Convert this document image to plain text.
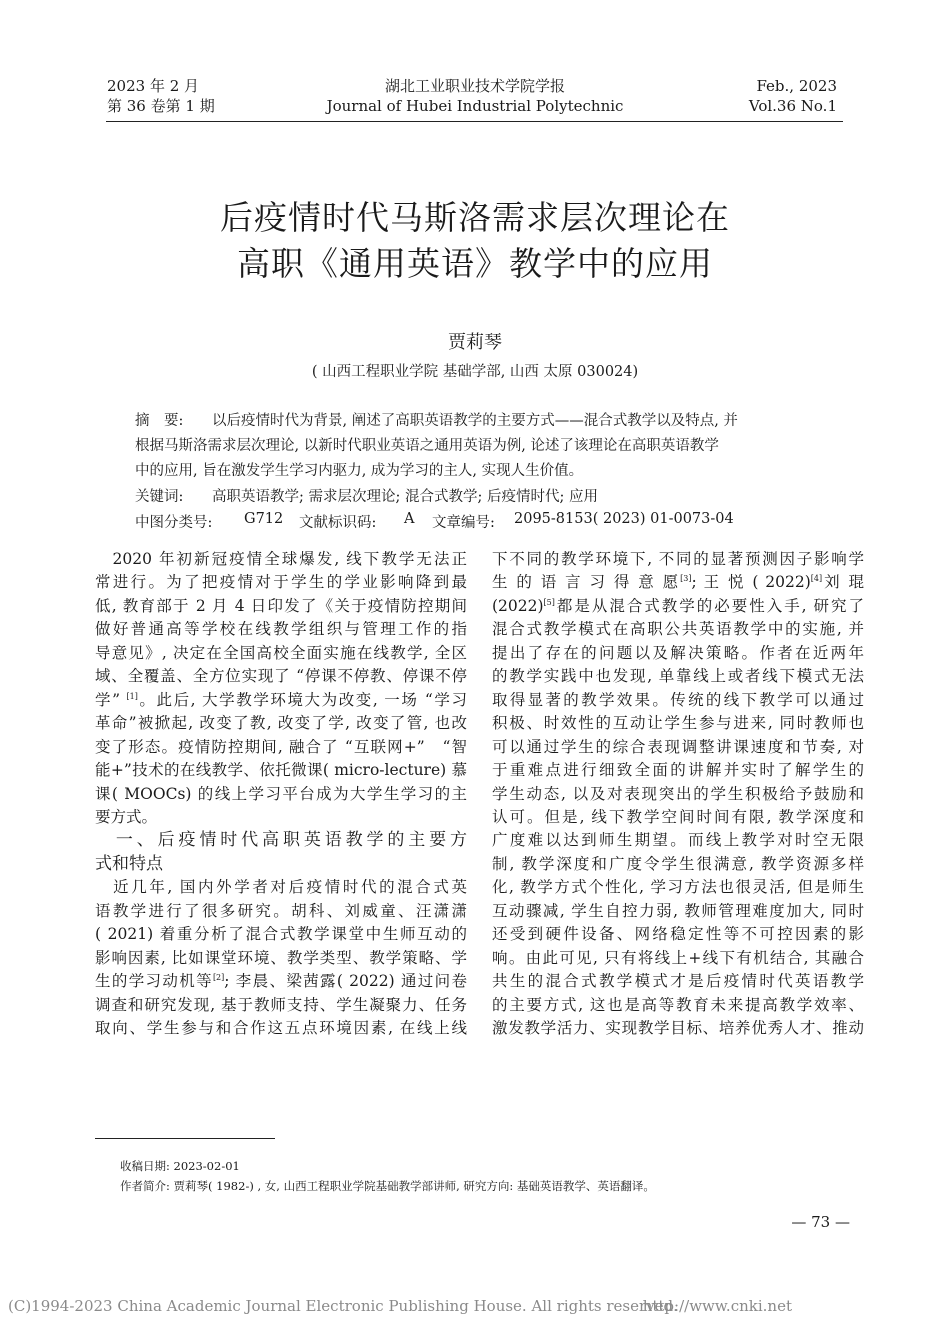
2023 年 2 月
第 36 卷第 1 期
湖北工业职业技术学院学报
Journal of Hubei Industrial Polytechnic
Feb., 2023
Vol.36 No.1
后疫情时代马斯洛需求层次理论在
高职《通用英语》教学中的应用
贾莉琴
( 山西工程职业学院 基础学部, 山西 太原 030024)
摘　要: 以后疫情时代为背景, 阐述了高职英语教学的主要方式——混合式教学以及特点, 并
根据马斯洛需求层次理论, 以新时代职业英语之通用英语为例, 论述了该理论在高职英语教学
中的应用, 旨在激发学生学习内驱力, 成为学习的主人, 实现人生价值。
关键词: 高职英语教学; 需求层次理论; 混合式教学; 后疫情时代; 应用
中图分类号: G712 文献标识码: A 文章编号: 2095-8153( 2023) 01-0073-04
　2020 年初新冠疫情全球爆发, 线下教学无法正
常进行。为了把疫情对于学生的学业影响降到最
低, 教育部于 2 月 4 日印发了《关于疫情防控期间
做好普通高等学校在线教学组织与管理工作的指
导意见》, 决定在全国高校全面实施在线教学, 全区
域、全覆盖、全方位实现了 “停课不停教、停课不停
学” [1]。此后, 大学教学环境大为改变, 一场 “学习
革命”被掀起, 改变了教, 改变了学, 改变了管, 也改
变了形态。疫情防控期间, 融合了 “互联网+”　“智
能+”技术的在线教学、依托微课( micro-lecture) 慕
课( MOOCs) 的线上学习平台成为大学生学习的主
要方式。
　一、后疫情时代高职英语教学的主要方
式和特点
　近几年, 国内外学者对后疫情时代的混合式英
语教学进行了很多研究。胡科、刘威童、汪潇潇
( 2021) 着重分析了混合式教学课堂中生师互动的
影响因素, 比如课堂环境、教学类型、教学策略、学
生的学习动机等[2]; 李晨、梁茜露( 2022) 通过问卷
调查和研究发现, 基于教师支持、学生凝聚力、任务
取向、学生参与和合作这五点环境因素, 在线上线
下不同的教学环境下, 不同的显著预测因子影响学
生 的 语 言 习 得 意 愿[3]; 王 悦 ( 2022)[4]刘 琨
(2022)[5]都是从混合式教学的必要性入手, 研究了
混合式教学模式在高职公共英语教学中的实施, 并
提出了存在的问题以及解决策略。作者在近两年
的教学实践中也发现, 单靠线上或者线下模式无法
取得显著的教学效果。传统的线下教学可以通过
积极、时效性的互动让学生参与进来, 同时教师也
可以通过学生的综合表现调整讲课速度和节奏, 对
于重难点进行细致全面的讲解并实时了解学生的
学生动态, 以及对表现突出的学生积极给予鼓励和
认可。但是, 线下教学空间时间有限, 教学深度和
广度难以达到师生期望。而线上教学对时空无限
制, 教学深度和广度令学生很满意, 教学资源多样
化, 教学方式个性化, 学习方法也很灵活, 但是师生
互动骤减, 学生自控力弱, 教师管理难度加大, 同时
还受到硬件设备、网络稳定性等不可控因素的影
响。由此可见, 只有将线上+线下有机结合, 其融合
共生的混合式教学模式才是后疫情时代英语教学
的主要方式, 这也是高等教育未来提高教学效率、
激发教学活力、实现教学目标、培养优秀人才、推动
收稿日期: 2023-02-01
作者简介: 贾莉琴( 1982-) , 女, 山西工程职业学院基础教学部讲师, 研究方向: 基础英语教学、英语翻译。
— 73 —
(C)1994-2023 China Academic Journal Electronic Publishing House. All rights reserved.
http://www.cnki.net
